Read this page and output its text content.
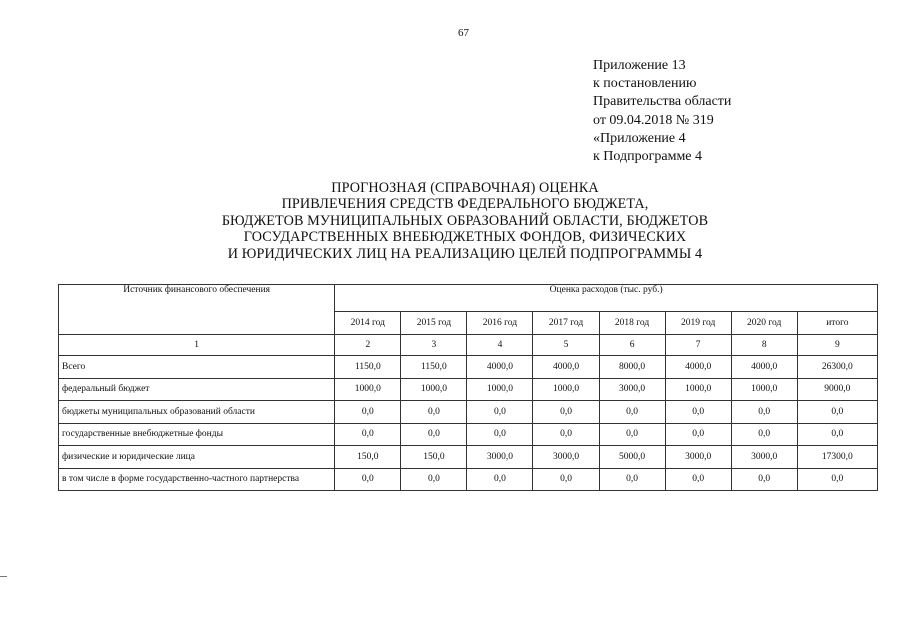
67
Приложение 13
к постановлению
Правительства области
от 09.04.2018 № 319
«Приложение 4
к Подпрограмме 4
ПРОГНОЗНАЯ (СПРАВОЧНАЯ) ОЦЕНКА
ПРИВЛЕЧЕНИЯ СРЕДСТВ ФЕДЕРАЛЬНОГО БЮДЖЕТА,
БЮДЖЕТОВ МУНИЦИПАЛЬНЫХ ОБРАЗОВАНИЙ ОБЛАСТИ, БЮДЖЕТОВ
ГОСУДАРСТВЕННЫХ ВНЕБЮДЖЕТНЫХ ФОНДОВ, ФИЗИЧЕСКИХ
И ЮРИДИЧЕСКИХ ЛИЦ НА РЕАЛИЗАЦИЮ ЦЕЛЕЙ ПОДПРОГРАММЫ 4
Источник финансового обеспечения	Оценка расходов (тыс. руб.)							
	2014 год	2015 год	2016 год	2017 год	2018 год	2019 год	2020 год	итого
1	2	3	4	5	6	7	8	9
Всего	1150,0	1150,0	4000,0	4000,0	8000,0	4000,0	4000,0	26300,0
федеральный бюджет	1000,0	1000,0	1000,0	1000,0	3000,0	1000,0	1000,0	9000,0
бюджеты муниципальных образований области	0,0	0,0	0,0	0,0	0,0	0,0	0,0	0,0
государственные внебюджетные фонды	0,0	0,0	0,0	0,0	0,0	0,0	0,0	0,0
физические и юридические лица	150,0	150,0	3000,0	3000,0	5000,0	3000,0	3000,0	17300,0
в том числе в форме государственно-частного партнерства	0,0	0,0	0,0	0,0	0,0	0,0	0,0	0,0
